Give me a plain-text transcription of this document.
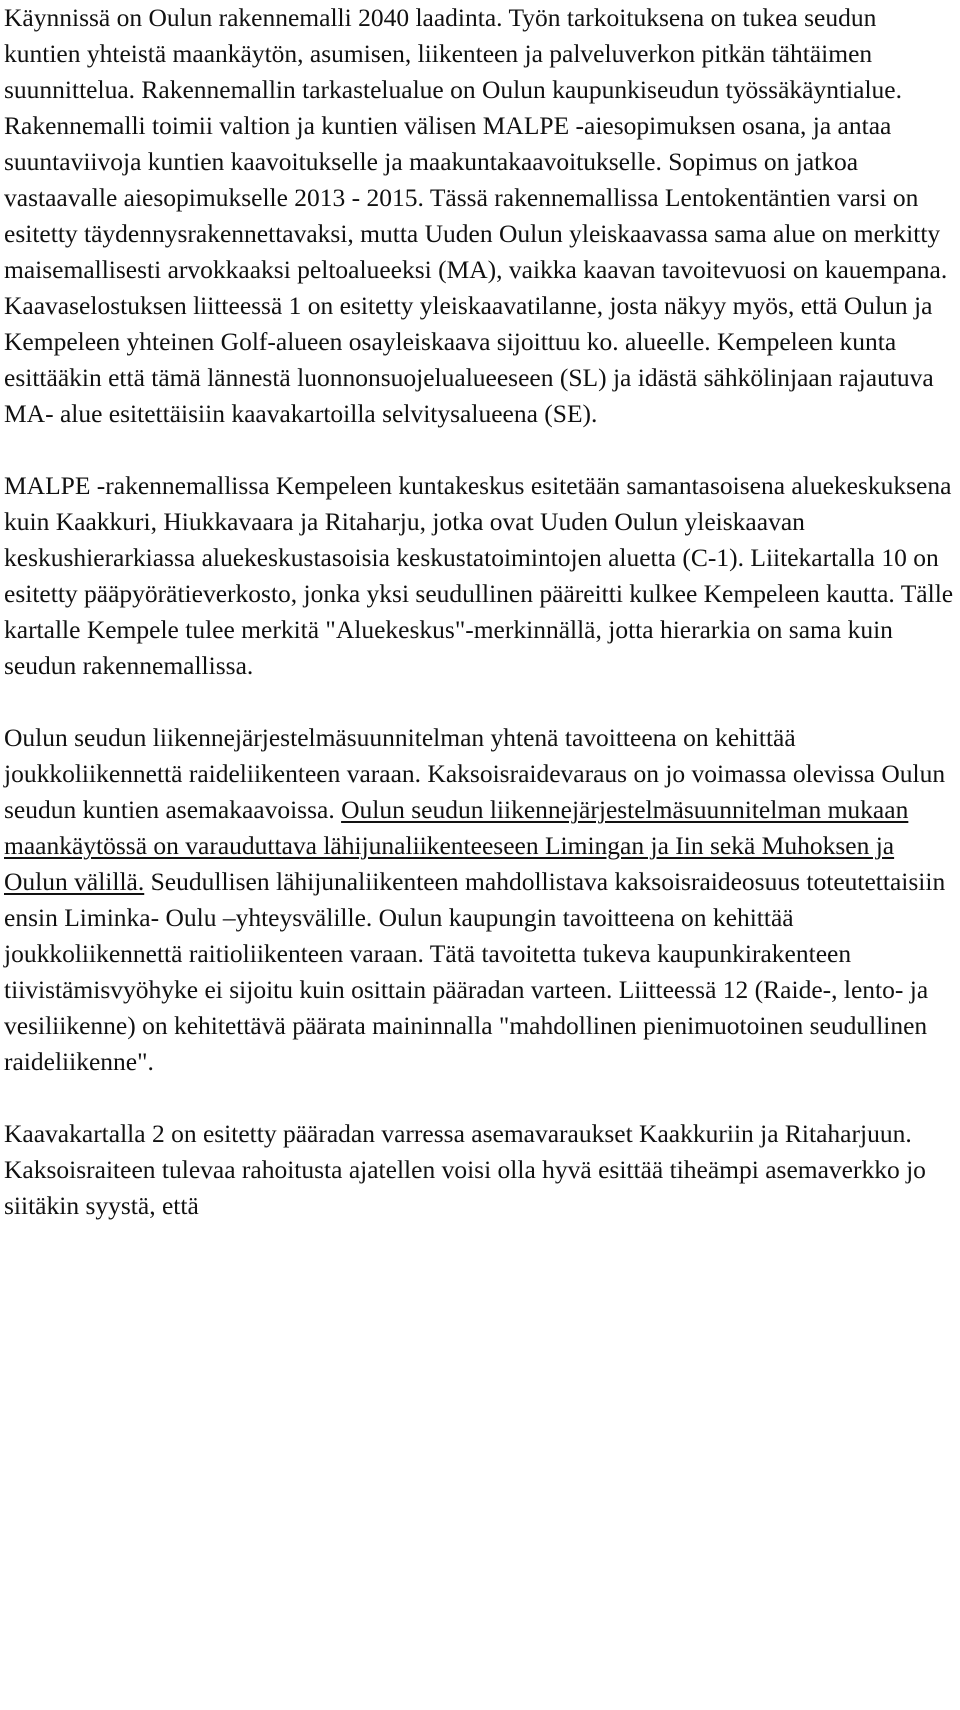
Käynnissä on Oulun rakennemalli 2040 laadinta. Työn tarkoituksena on tukea seudun kuntien yhteistä maankäytön, asumisen, liikenteen ja palveluverkon pitkän tähtäimen suunnittelua. Rakennemallin tarkastelualue on Oulun kaupunkiseudun työssäkäyntialue. Rakennemalli toimii valtion ja kuntien välisen MALPE -aiesopimuksen osana, ja antaa suuntaviivoja kuntien kaavoitukselle ja maakuntakaavoitukselle. Sopimus on jatkoa vastaavalle aiesopimukselle 2013 - 2015. Tässä rakennemallissa Lentokentäntien varsi on esitetty täydennysrakennettavaksi, mutta Uuden Oulun yleiskaavassa sama alue on merkitty maisemallisesti arvokkaaksi peltoalueeksi (MA), vaikka kaavan tavoitevuosi on kauempana. Kaavaselostuksen liitteessä 1 on esitetty yleiskaavatilanne, josta näkyy myös, että Oulun ja Kempeleen yhteinen Golf-alueen osayleiskaava sijoittuu ko. alueelle. Kempeleen kunta esittääkin että tämä lännestä luonnonsuojelualueeseen (SL) ja idästä sähkölinjaan rajautuva MA- alue esitettäisiin kaavakartoilla selvitysalueena (SE).

MALPE -rakennemallissa Kempeleen kuntakeskus esitetään samantasoisena aluekeskuksena kuin Kaakkuri, Hiukkavaara ja Ritaharju, jotka ovat Uuden Oulun yleiskaavan keskushierarkiassa aluekeskustasoisia keskustatoimintojen aluetta (C-1). Liitekartalla 10 on esitetty pääpyörätieverkosto, jonka yksi seudullinen pääreitti kulkee Kempeleen kautta. Tälle kartalle Kempele tulee merkitä "Aluekeskus"-merkinnällä, jotta hierarkia on sama kuin seudun rakennemallissa.

Oulun seudun liikennejärjestelmäsuunnitelman yhtenä tavoitteena on kehittää joukkoliikennettä raideliikenteen varaan. Kaksoisraidevaraus on jo voimassa olevissa Oulun seudun kuntien asemakaavoissa. Oulun seudun liikennejärjestelmäsuunnitelman mukaan maankäytössä on varauduttava lähijunaliikenteeseen Limingan ja Iin sekä Muhoksen ja Oulun välillä. Seudullisen lähijunaliikenteen mahdollistava kaksoisraideosuus toteutettaisiin ensin Liminka- Oulu –yhteysvälille. Oulun kaupungin tavoitteena on kehittää joukkoliikennettä raitioliikenteen varaan. Tätä tavoitetta tukeva kaupunkirakenteen tiivistämisvyöhyke ei sijoitu kuin osittain pääradan varteen. Liitteessä 12 (Raide-, lento- ja vesiliikenne) on kehitettävä päärata maininnalla "mahdollinen pienimuotoinen seudullinen raideliikenne".

Kaavakartalla 2 on esitetty pääradan varressa asemavaraukset Kaakkuriin ja Ritaharjuun. Kaksoisraiteen tulevaa rahoitusta ajatellen voisi olla hyvä esittää tiheämpi asemaverkko jo siitäkin syystä, että
